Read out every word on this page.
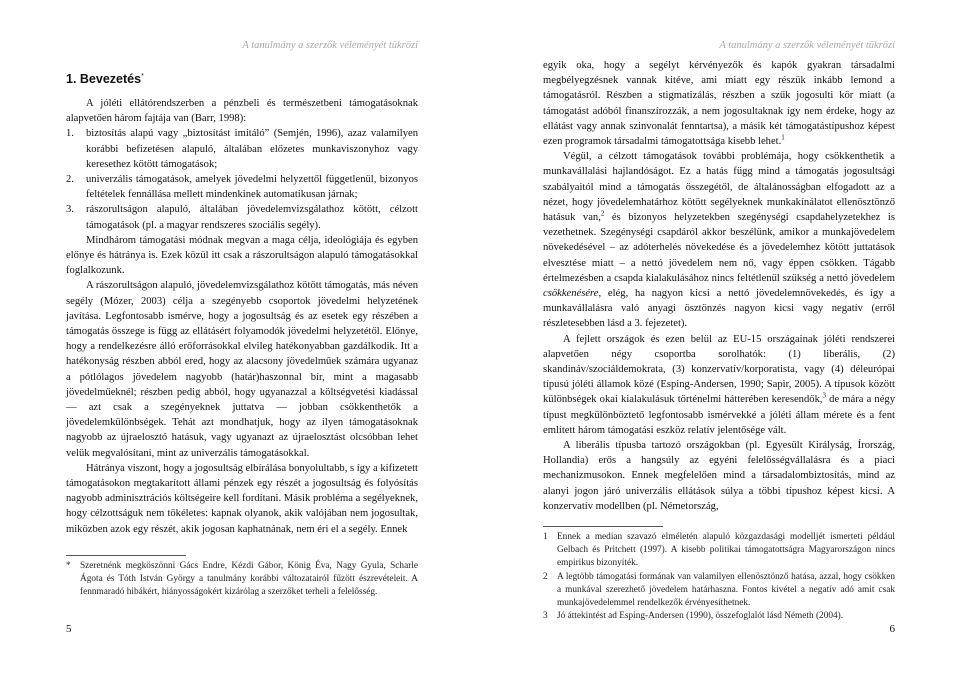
A tanulmány a szerzők véleményét tükrözi

1. Bevezetés*

A jóléti ellátórendszerben a pénzbeli és természetbeni támogatásoknak alapvetően három fajtája van (Barr, 1998):

1. biztosítás alapú vagy „biztosítást imitáló” (Semjén, 1996), azaz valamilyen korábbi befizetésen alapuló, általában előzetes munkaviszonyhoz vagy keresethez kötött támogatások;
2. univerzális támogatások, amelyek jövedelmi helyzettől függetlenül, bizonyos feltételek fennállása mellett mindenkinek automatikusan járnak;
3. rászorultságon alapuló, általában jövedelemvizsgálathoz kötött, célzott támogatások (pl. a magyar rendszeres szociális segély).

Mindhárom támogatási módnak megvan a maga célja, ideológiája és egyben előnye és hátránya is. Ezek közül itt csak a rászorultságon alapuló támogatásokkal foglalkozunk.

A rászorultságon alapuló, jövedelemvizsgálathoz kötött támogatás, más néven segély (Mózer, 2003) célja a szegényebb csoportok jövedelmi helyzetének javítása. Legfontosabb ismérve, hogy a jogosultság és az esetek egy részében a támogatás összege is függ az ellátásért folyamodók jövedelmi helyzetétől. Előnye, hogy a rendelkezésre álló erőforrásokkal elvileg hatékonyabban gazdálkodik. Itt a hatékonyság részben abból ered, hogy az alacsony jövedelműek számára ugyanaz a pótlólagos jövedelem nagyobb (határ)haszonnal bír, mint a magasabb jövedelműeknél; részben pedig abból, hogy ugyanazzal a költségvetési kiadással — azt csak a szegényeknek juttatva — jobban csökkenthetők a jövedelemkülönbségek. Tehát azt mondhatjuk, hogy az ilyen támogatásoknak nagyobb az újraelosztó hatásuk, vagy ugyanazt az újraelosztást olcsóbban lehet velük megvalósítani, mint az univerzális támogatásokkal.

Hátránya viszont, hogy a jogosultság elbírálása bonyolultabb, s így a kifizetett támogatásokon megtakarított állami pénzek egy részét a jogosultság és folyósítás nagyobb adminisztrációs költségeire kell fordítani. Másik probléma a segélyeknek, hogy célzottságuk nem tökéletes: kapnak olyanok, akik valójában nem jogosultak, miközben azok egy részét, akik jogosan kaphatnának, nem éri el a segély. Ennek

* Szeretnénk megköszönni Gács Endre, Kézdi Gábor, König Éva, Nagy Gyula, Scharle Ágota és Tóth István György a tanulmány korábbi változatairól fűzött észrevételeit. A fennmaradó hibákért, hiányosságokért kizárólag a szerzőket terheli a felelősség.

5

A tanulmány a szerzők véleményét tükrözi

egyik oka, hogy a segélyt kérvényezők és kapók gyakran társadalmi megbélyegzésnek vannak kitéve, ami miatt egy részük inkább lemond a támogatásról. Részben a stigmatizálás, részben a szűk jogosulti kör miatt (a támogatást adóból finanszírozzák, a nem jogosultaknak így nem érdeke, hogy az ellátást vagy annak szinvonalát fenntartsa), a másik két támogatástípushoz képest ezen programok társadalmi támogatottsága kisebb lehet.$^1$

Végül, a célzott támogatások további problémája, hogy csökkenthetik a munkavállalási hajlandóságot. Ez a hatás függ mind a támogatás jogosultsági szabályaitól mind a támogatás összegétől, de általánosságban elfogadott az a nézet, hogy jövedelemhatárhoz kötött segélyeknek munkakínálatot ellenösztönző hatásuk van,$^2$ és bizonyos helyzetekben szegénységi csapdahelyzetekhez is vezethetnek. Szegénységi csapdáról akkor beszélünk, amikor a munkajövedelem növekedésével – az adóterhelés növekedése és a jövedelemhez kötött juttatások elvesztése miatt – a nettó jövedelem nem nő, vagy éppen csökken. Tágabb értelmezésben a csapda kialakulásához nincs feltétlenül szükség a nettó jövedelem csökkenésére, elég, ha nagyon kicsi a nettó jövedelemnövekedés, és így a munkavállalásra való anyagi ösztönzés nagyon kicsi vagy negatív (erről részletesebben lásd a 3. fejezetet).

A fejlett országok és ezen belül az EU-15 országainak jóléti rendszerei alapvetően négy csoportba sorolhatók: (1) liberális, (2) skandináv/szociáldemokrata, (3) konzervatív/korporatista, vagy (4) déleurópai típusú jóléti államok közé (Esping-Andersen, 1990; Sapir, 2005). A típusok között különbségek okai kialakulásuk történelmi hátterében keresendők,$^3$ de mára a négy típust megkülönböztető legfontosabb ismérvekké a jóléti állam mérete és a fent említett három támogatási eszköz relatív jelentősége vált.

A liberális típusba tartozó országokban (pl. Egyesült Királyság, Írország, Hollandia) erős a hangsúly az egyéni felelősségvállalásra és a piaci mechanizmusokon. Ennek megfelelően mind a társadalombiztosítás, mind az alanyi jogon járó univerzális ellátások súlya a többi típushoz képest kicsi. A konzervatív modellben (pl. Németország,

1 Ennek a median szavazó elméletén alapuló közgazdasági modelljét ismerteti például Gelbach és Pritchett (1997). A kisebb politikai támogatottságra Magyarországon nincs empirikus bizonyíték.

2 A legtöbb támogatási formának van valamilyen ellenösztönző hatása, azzal, hogy csökken a munkával szerezhető jövedelem határhaszna. Fontos kivétel a negatív adó amit csak munkajövedelemmel rendelkezők érvényesíthetnek.

3 Jó áttekintést ad Esping-Andersen (1990), összefoglalót lásd Németh (2004).

6
